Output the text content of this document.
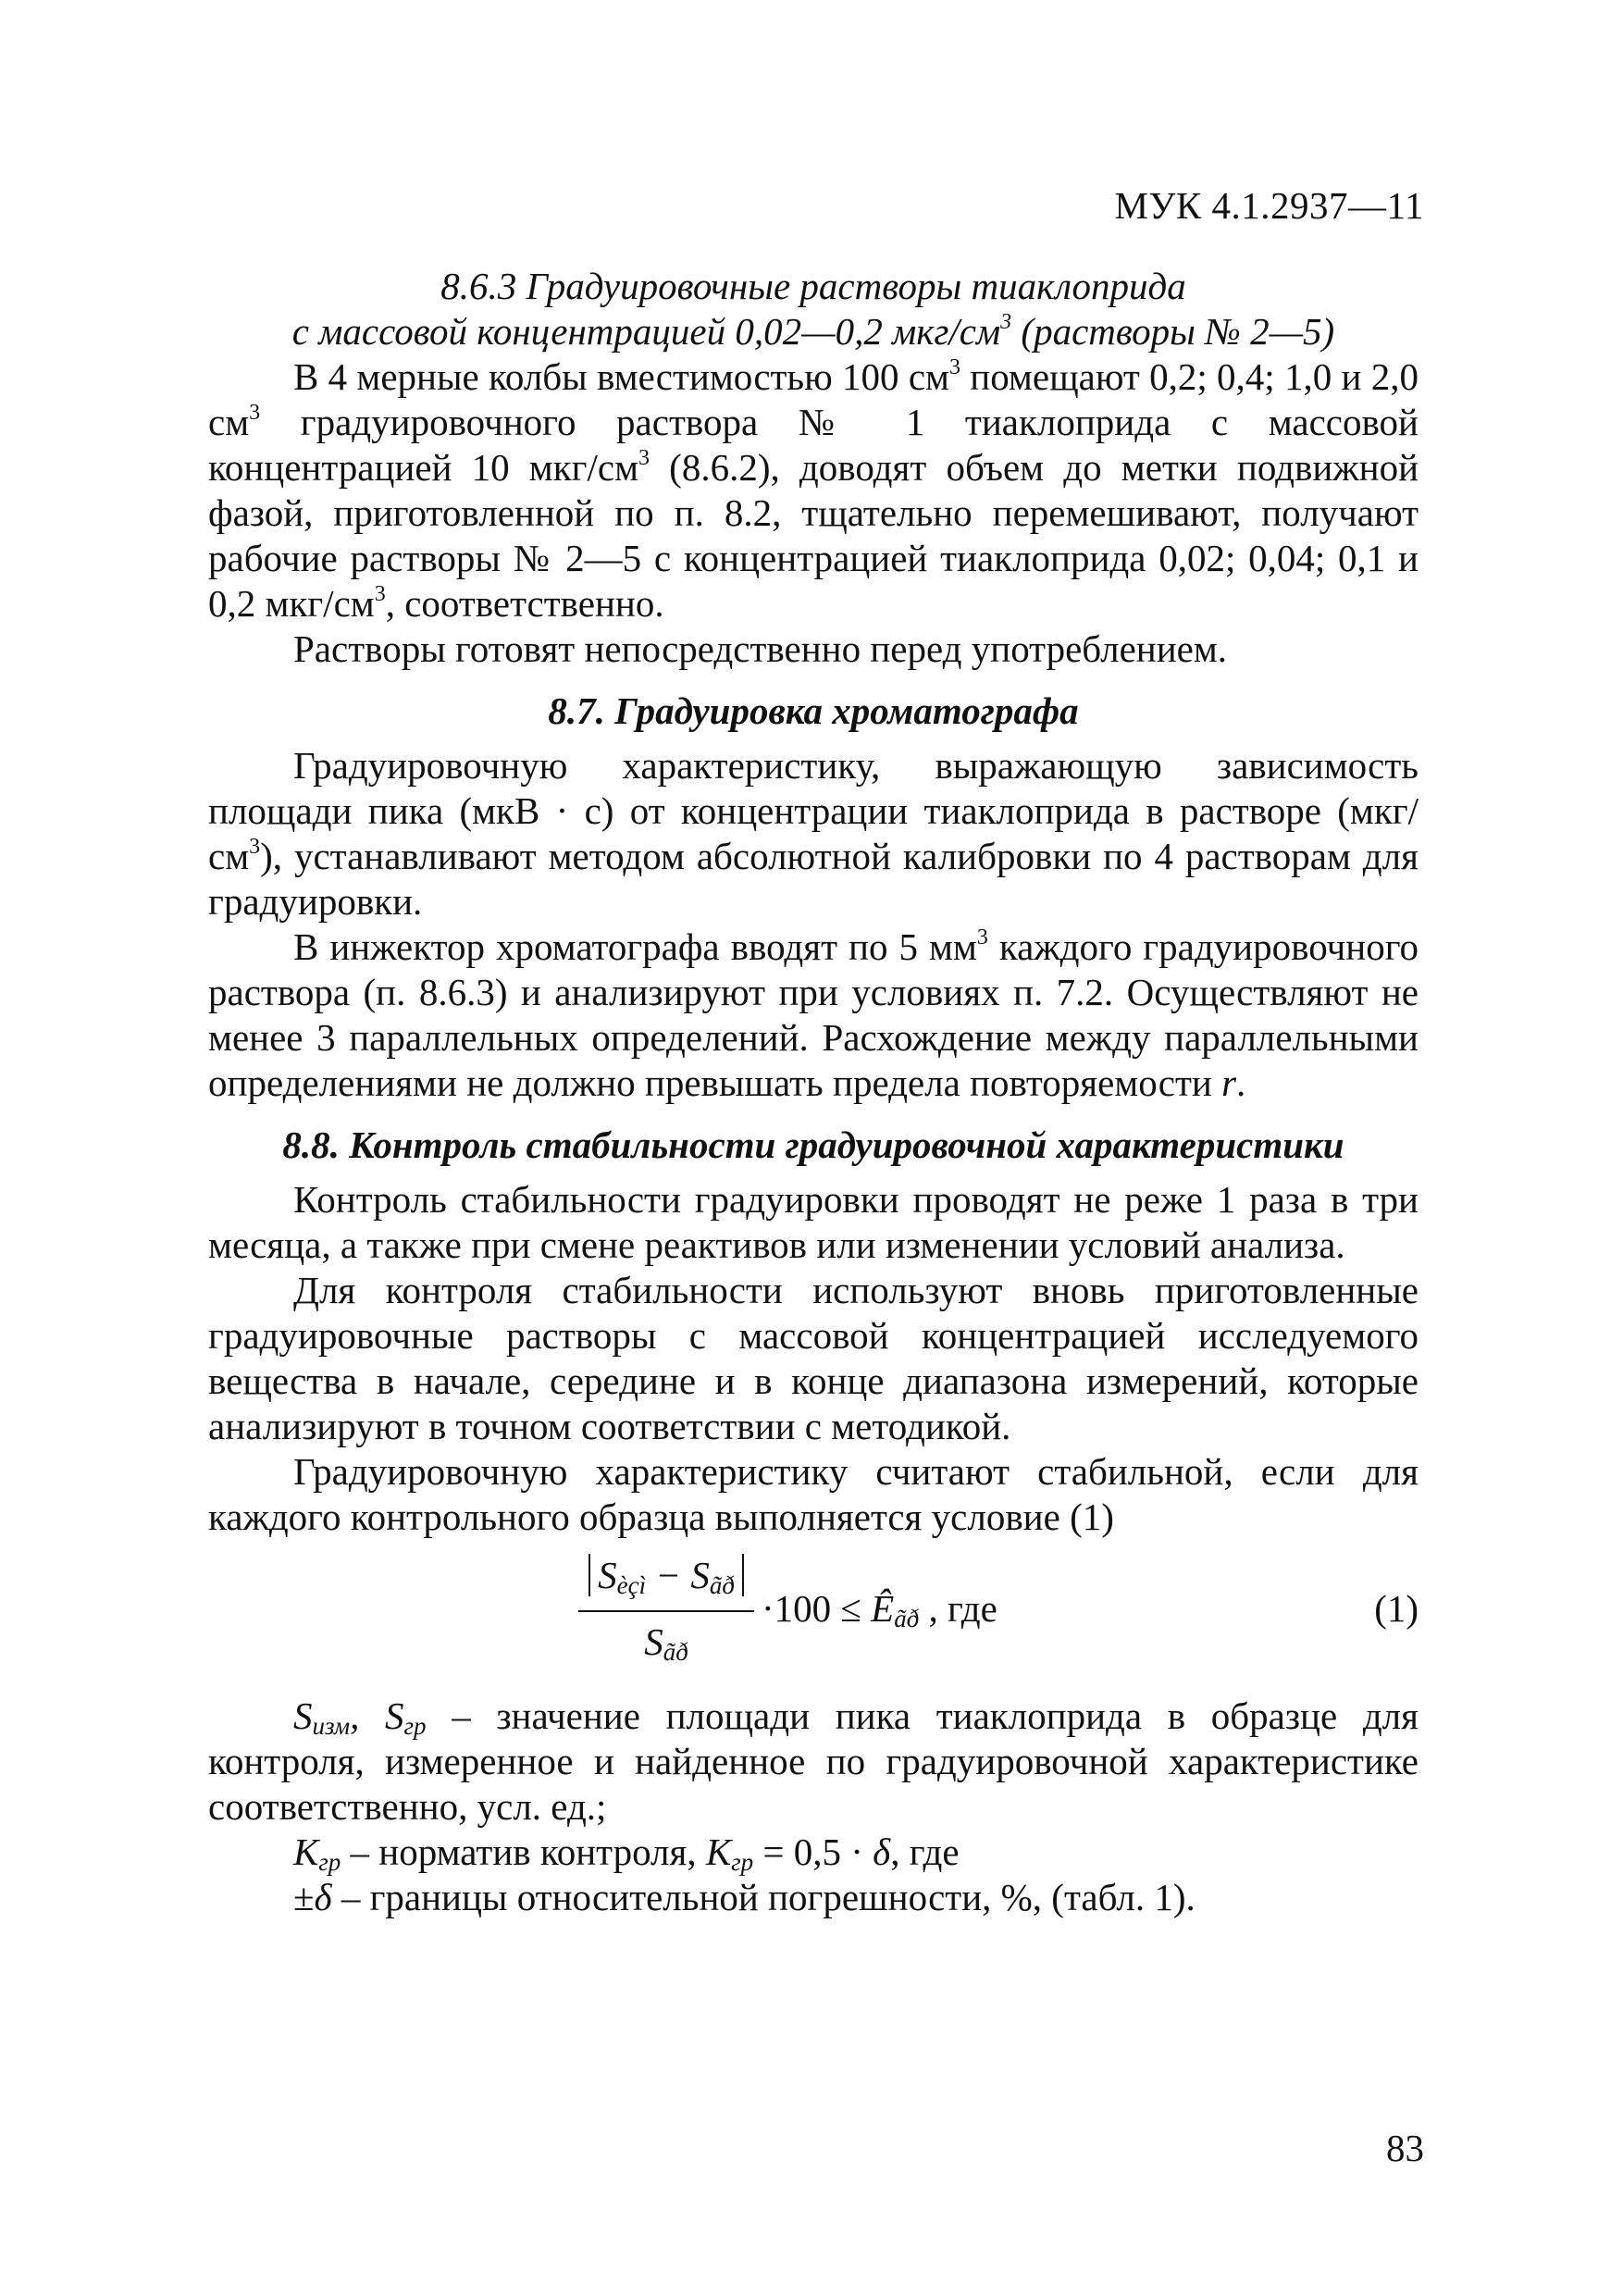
МУК 4.1.2937—11

8.6.3 Градуировочные растворы тиаклоприда
с массовой концентрацией 0,02—0,2 мкг/$см^3$ (растворы № 2—5)

В 4 мерные колбы вместимостью 100 $см^3$ помещают 0,2; 0,4; 1,0 и 2,0 $см^3$ градуировочного раствора № 1 тиаклоприда с массовой концентрацией 10 мкг/$см^3$ (8.6.2), доводят объем до метки подвижной фазой, приготовленной по п. 8.2, тщательно перемешивают, получают рабочие растворы № 2—5 с концентрацией тиаклоприда 0,02; 0,04; 0,1 и 0,2 мкг/$см^3$, соответственно.

Растворы готовят непосредственно перед употреблением.

8.7. Градуировка хроматографа

Градуировочную характеристику, выражающую зависимость площади пика (мкВ · с) от концентрации тиаклоприда в растворе $(мкг/см^3)$, устанавливают методом абсолютной калибровки по 4 растворам для градуировки.

В инжектор хроматографа вводят по 5 $мм^3$ каждого градуировочного раствора (п. 8.6.3) и анализируют при условиях п. 7.2. Осуществляют не менее 3 параллельных определений. Расхождение между параллельными определениями не должно превышать предела повторяемости r.

8.8. Контроль стабильности градуировочной характеристики

Контроль стабильности градуировки проводят не реже 1 раза в три месяца, а также при смене реактивов или изменении условий анализа.

Для контроля стабильности используют вновь приготовленные градуировочные растворы с массовой концентрацией исследуемого вещества в начале, середине и в конце диапазона измерений, которые анализируют в точном соответствии с методикой.

Градуировочную характеристику считают стабильной, если для каждого контрольного образца выполняется условие (1)

$S_{èçì} - S_{ãð}$
$S_{ãð}$
$\cdot 100 \le Ê_{ãð}$ , где	(1)

$S_{изм}$, $S_{гр}$ – значение площади пика тиаклоприда в образце для контроля, измеренное и найденное по градуировочной характеристике соответственно, усл. ед.;

$К_{гр}$ – норматив контроля, $К_{гр} = 0,5 \cdot \delta$, где

±δ – границы относительной погрешности, %, (табл. 1).

83
